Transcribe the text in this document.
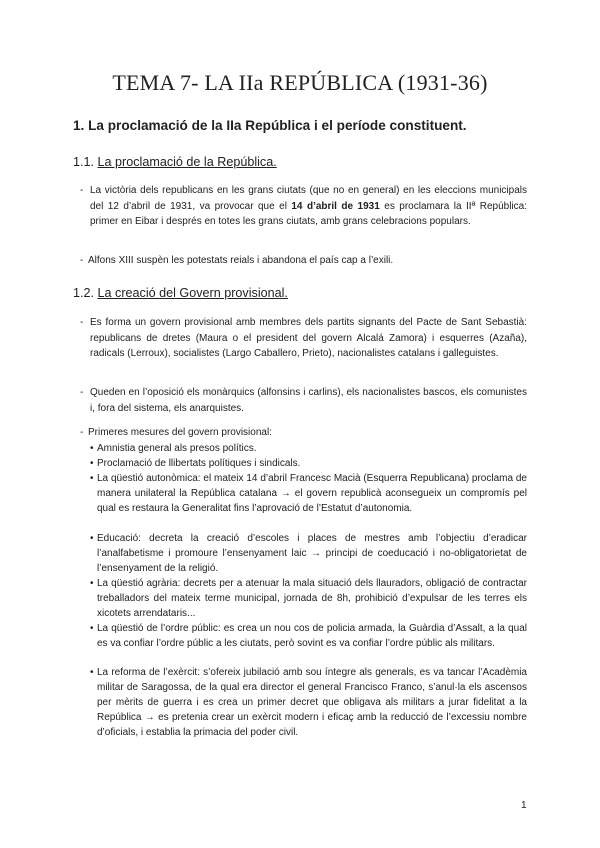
TEMA 7- LA IIa REPÚBLICA (1931-36)
1. La proclamació de la IIa República i el període constituent.
1.1. La proclamació de la República.
- La victòria dels republicans en les grans ciutats (que no en general) en les eleccions municipals del 12 d’abril de 1931, va provocar que el 14 d’abril de 1931 es proclamara la IIª República: primer en Eibar i després en totes les grans ciutats, amb grans celebracions populars.

- Alfons XIII suspèn les potestats reials i abandona el país cap a l’exili.

1.2. La creació del Govern provisional.
- Es forma un govern provisional amb membres dels partits signants del Pacte de Sant Sebastià: republicans de dretes (Maura o el president del govern Alcalá Zamora) i esquerres (Azaña), radicals (Lerroux), socialistes (Largo Caballero, Prieto), nacionalistes catalans i galleguistes.

- Queden en l’oposició els monàrquics (alfonsins i carlins), els nacionalistes bascos, els comunistes i, fora del sistema, els anarquistes.

- Primeres mesures del govern provisional:

• Amnistia general als presos polítics.

• Proclamació de llibertats polítiques i sindicals.

• La qüestió autonòmica: el mateix 14 d’abril Francesc Macià (Esquerra Republicana) proclama de manera unilateral la República catalana → el govern republicà aconsegueix un compromís pel qual es restaura la Generalitat fins l’aprovació de l’Estatut d’autonomia.

• Educació: decreta la creació d’escoles i places de mestres amb l’objectiu d’eradicar l’analfabetisme i promoure l’ensenyament laic → principi de coeducació i no-obligatorietat de l’ensenyament de la religió.

• La qüestió agrària: decrets per a atenuar la mala situació dels llauradors, obligació de contractar treballadors del mateix terme municipal, jornada de 8h, prohibició d’expulsar de les terres els xicotets arrendataris...

• La qüestió de l’ordre públic: es crea un nou cos de policia armada, la Guàrdia d’Assalt, a la qual es va confiar l’ordre públic a les ciutats, però sovint es va confiar l’ordre públic als militars.

• La reforma de l’exèrcit: s’ofereix jubilació amb sou íntegre als generals, es va tancar l’Acadèmia militar de Saragossa, de la qual era director el general Francisco Franco, s’anul·la els ascensos per mèrits de guerra i es crea un primer decret que obligava als militars a jurar fidelitat a la República → es pretenia crear un exèrcit modern i eficaç amb la reducció de l’excessiu nombre d’oficials, i establia la primacia del poder civil.

1
